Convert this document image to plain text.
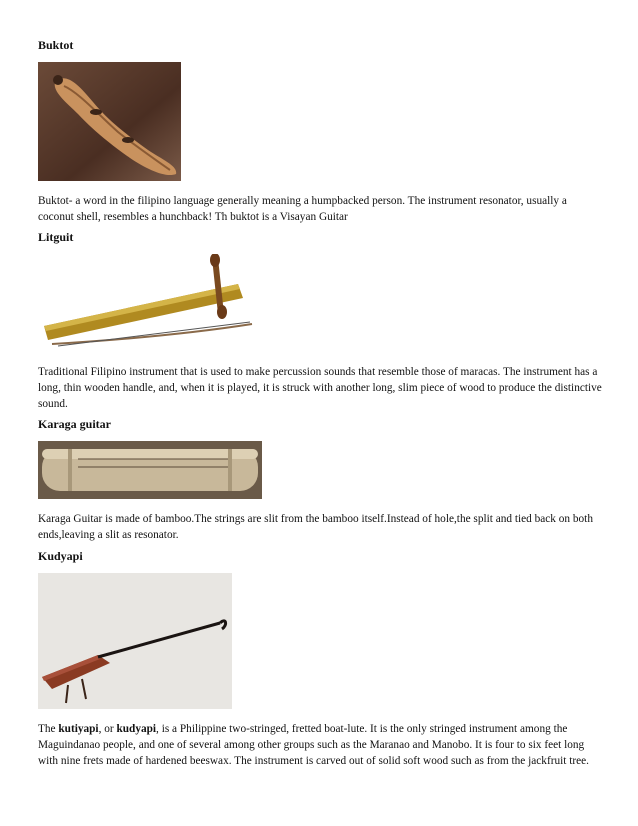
Buktot

Buktot- a word in the filipino language generally meaning a humpbacked person. The instrument resonator, usually a coconut shell, resembles a hunchback! Th buktot is a Visayan Guitar

Litguit

Traditional Filipino instrument that is used to make percussion sounds that resemble those of maracas. The instrument has a long, thin wooden handle, and, when it is played, it is struck with another long, slim piece of wood to produce the distinctive sound.

Karaga guitar

Karaga Guitar is made of bamboo.The strings are slit from the bamboo itself.Instead of hole,the split and tied back on both ends,leaving a slit as resonator.

Kudyapi

The kutiyapi, or kudyapi, is a Philippine two-stringed, fretted boat-lute. It is the only stringed instrument among the Maguindanao people, and one of several among other groups such as the Maranao and Manobo. It is four to six feet long with nine frets made of hardened beeswax. The instrument is carved out of solid soft wood such as from the jackfruit tree.
